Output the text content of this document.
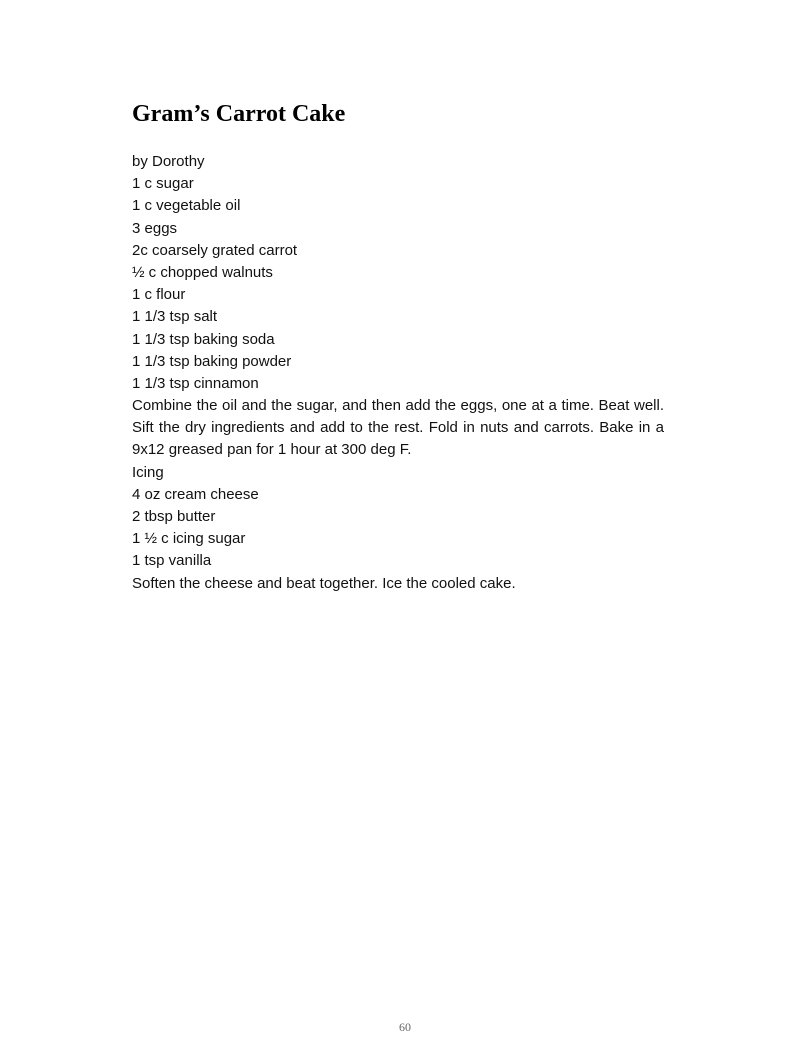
Gram’s Carrot Cake
by Dorothy
1 c sugar
1 c vegetable oil
3 eggs
2c coarsely grated carrot
½ c chopped walnuts
1 c flour
1 1/3 tsp salt
1 1/3 tsp baking soda
1 1/3 tsp baking powder
1 1/3 tsp cinnamon
Combine the oil and the sugar, and then add the eggs, one at a time. Beat well. Sift the dry ingredients and add to the rest. Fold in nuts and carrots. Bake in a 9x12 greased pan for 1 hour at 300 deg F.
Icing
4 oz cream cheese
2 tbsp butter
1 ½ c icing sugar
1 tsp vanilla
Soften the cheese and beat together. Ice the cooled cake.
60
